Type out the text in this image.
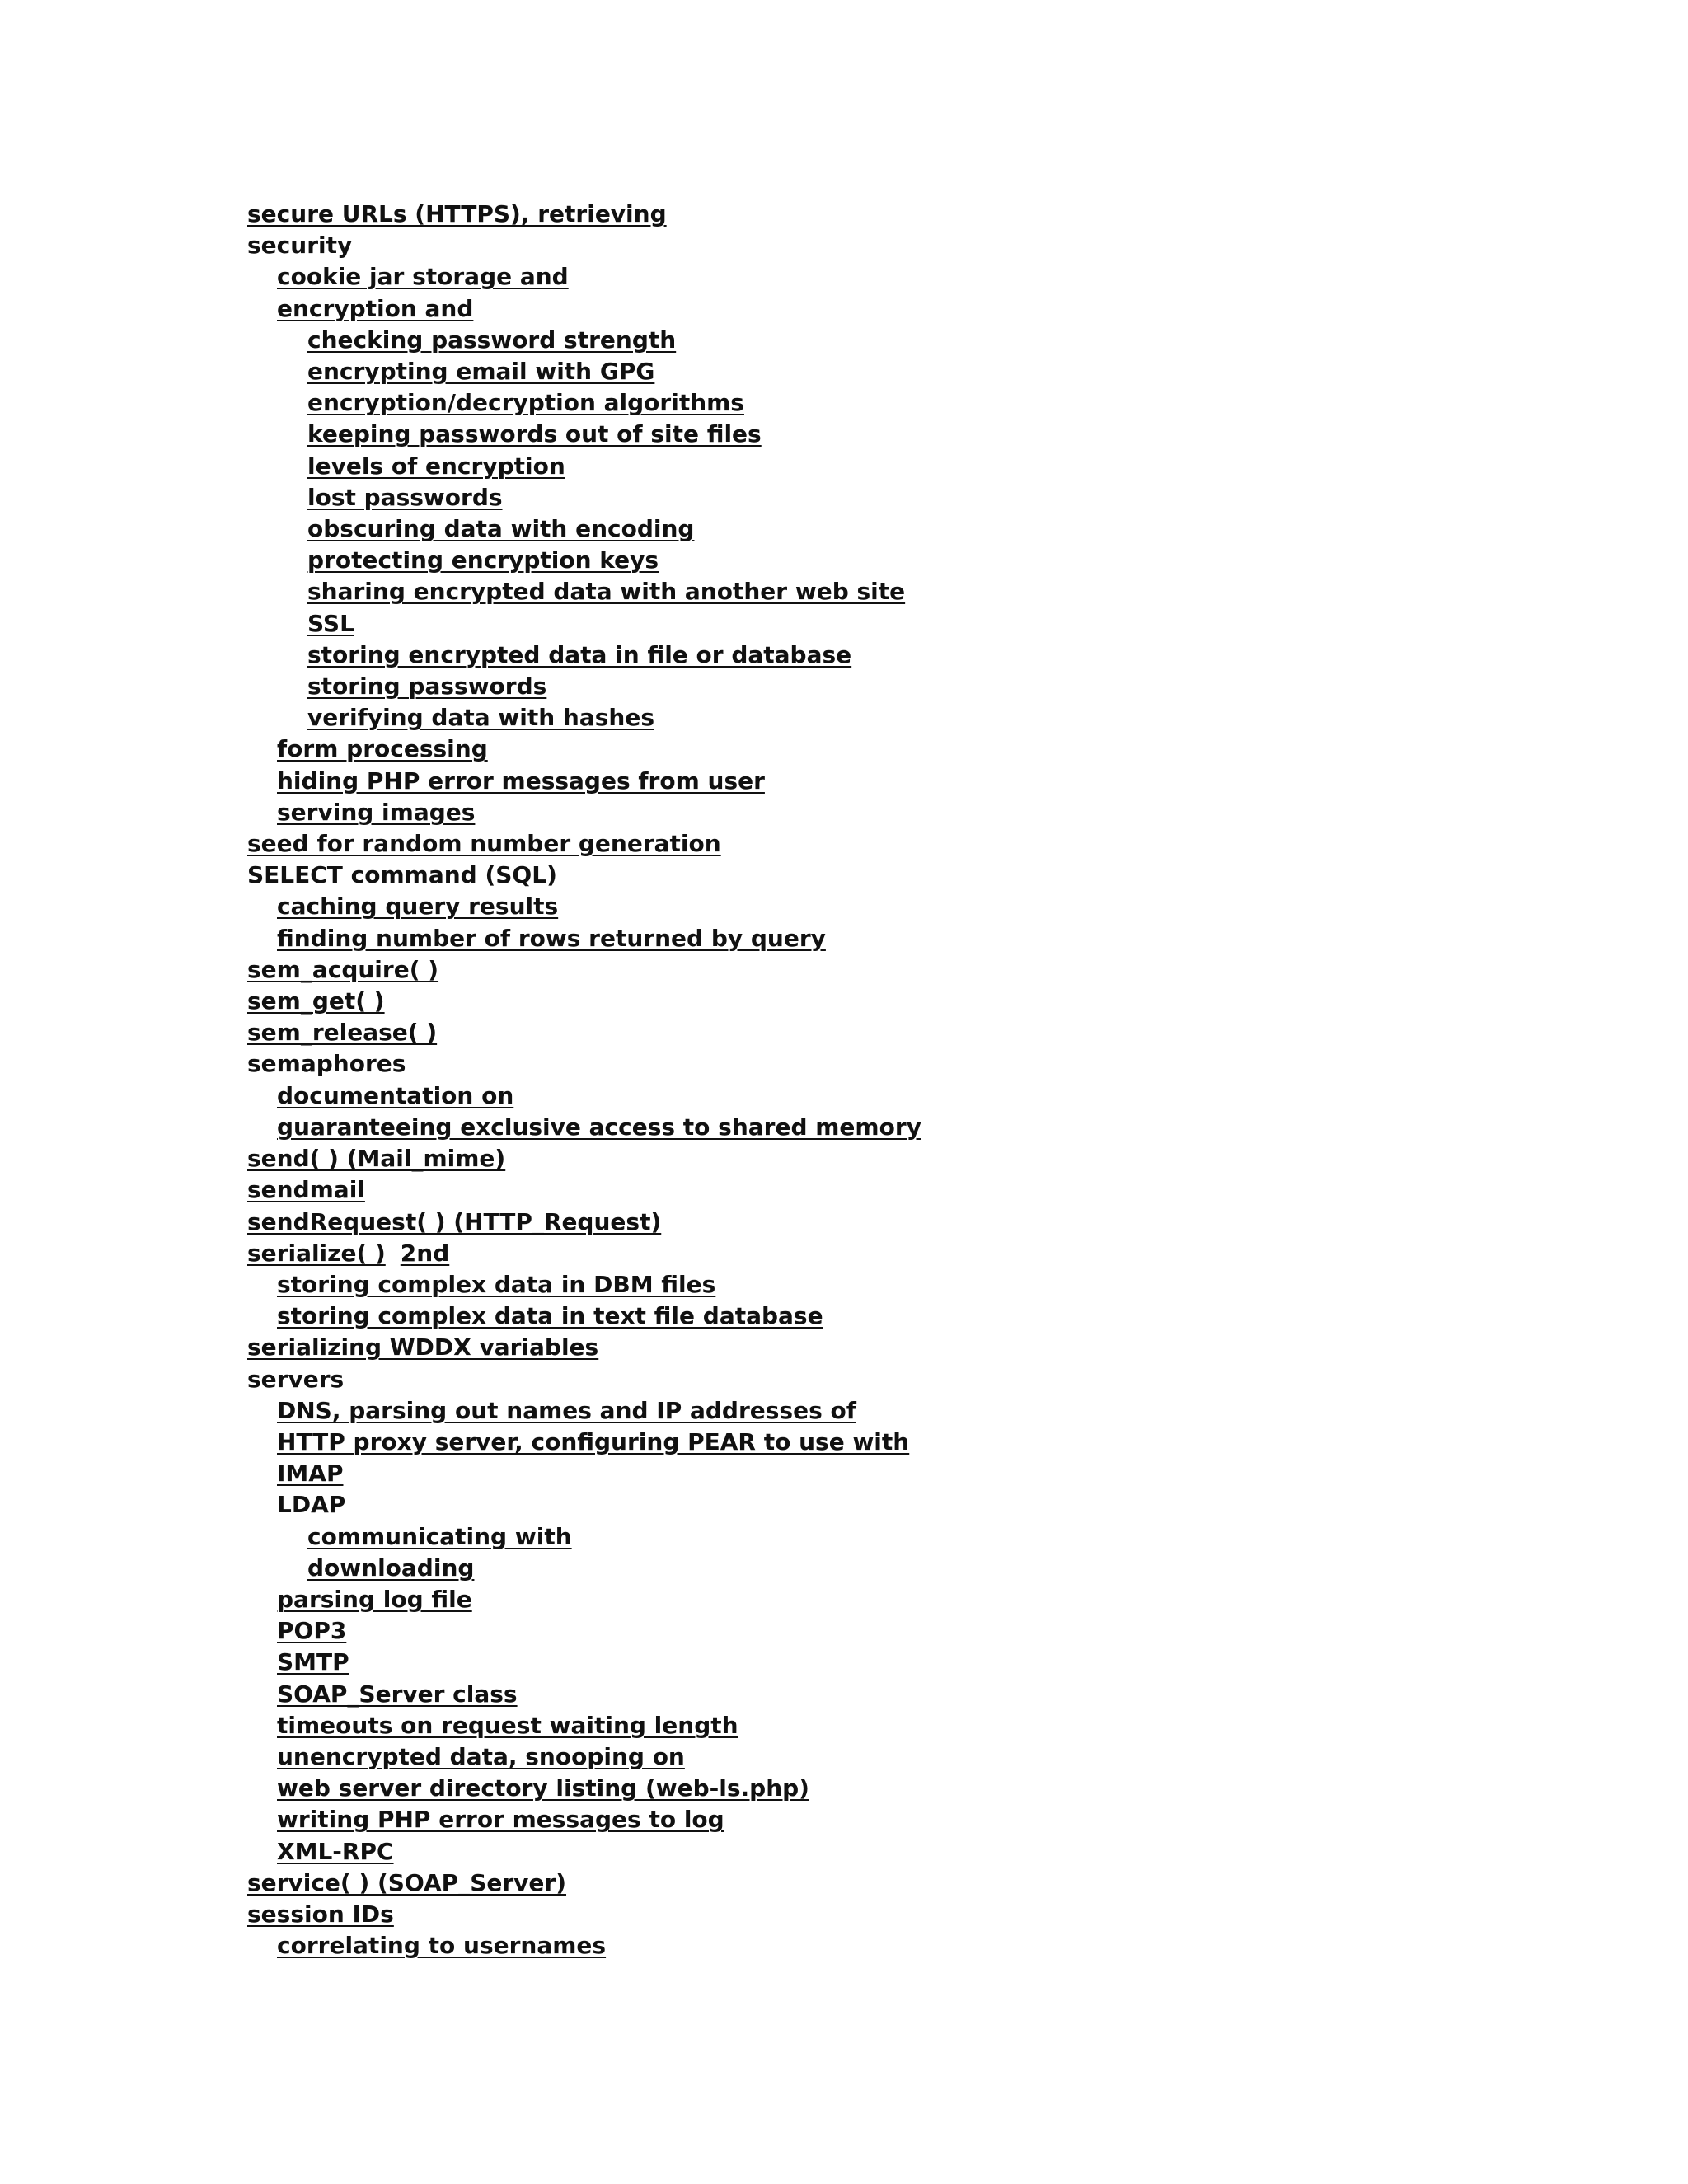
secure URLs (HTTPS), retrieving
security
cookie jar storage and
encryption and
checking password strength
encrypting email with GPG
encryption/decryption algorithms
keeping passwords out of site files
levels of encryption
lost passwords
obscuring data with encoding
protecting encryption keys
sharing encrypted data with another web site
SSL
storing encrypted data in file or database
storing passwords
verifying data with hashes
form processing
hiding PHP error messages from user
serving images
seed for random number generation
SELECT command (SQL)
caching query results
finding number of rows returned by query
sem_acquire( )
sem_get( )
sem_release( )
semaphores
documentation on
guaranteeing exclusive access to shared memory
send( ) (Mail_mime)
sendmail
sendRequest( ) (HTTP_Request)
serialize( ) 2nd
storing complex data in DBM files
storing complex data in text file database
serializing WDDX variables
servers
DNS, parsing out names and IP addresses of
HTTP proxy server, configuring PEAR to use with
IMAP
LDAP
communicating with
downloading
parsing log file
POP3
SMTP
SOAP_Server class
timeouts on request waiting length
unencrypted data, snooping on
web server directory listing (web-ls.php)
writing PHP error messages to log
XML-RPC
service( ) (SOAP_Server)
session IDs
correlating to usernames
